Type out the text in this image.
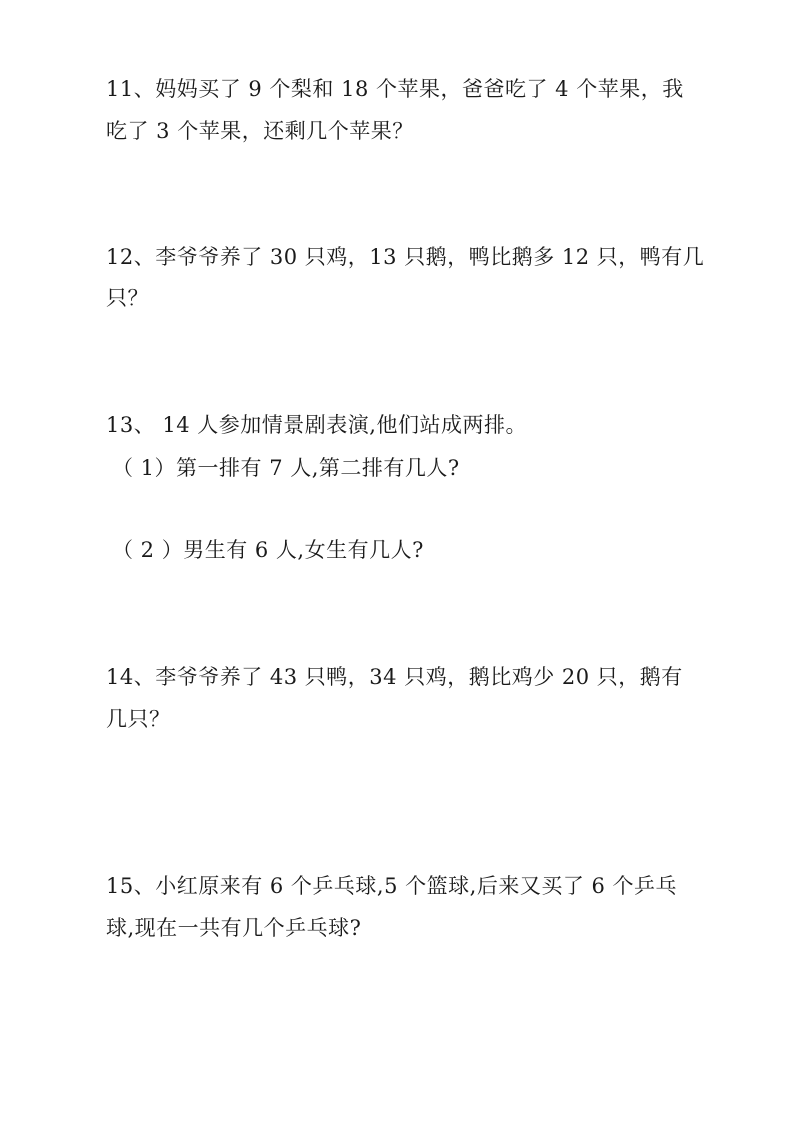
11、妈妈买了 9 个梨和 18 个苹果，爸爸吃了 4 个苹果，我
吃了 3 个苹果，还剩几个苹果？
12、李爷爷养了 30 只鸡，13 只鹅，鸭比鹅多 12 只，鸭有几
只？
13、 14 人参加情景剧表演,他们站成两排。
（ 1）第一排有 7 人,第二排有几人?
（ 2 ）男生有 6 人,女生有几人?
14、李爷爷养了 43 只鸭，34 只鸡，鹅比鸡少 20 只，鹅有
几只？
15、小红原来有 6 个乒乓球,5 个篮球,后来又买了 6 个乒乓
球,现在一共有几个乒乓球?
